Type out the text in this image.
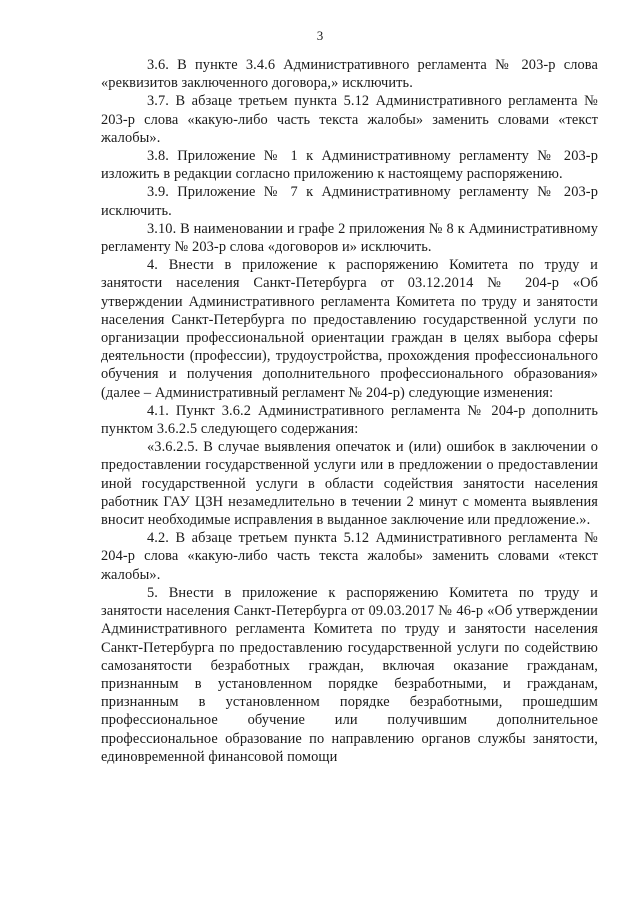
3

3.6. В пункте 3.4.6 Административного регламента № 203-р слова «реквизитов заключенного договора,» исключить.

3.7. В абзаце третьем пункта 5.12 Административного регламента № 203-р слова «какую-либо часть текста жалобы» заменить словами «текст жалобы».

3.8. Приложение № 1 к Административному регламенту № 203-р изложить в редакции согласно приложению к настоящему распоряжению.

3.9. Приложение № 7 к Административному регламенту № 203-р исключить.

3.10. В наименовании и графе 2 приложения № 8 к Административному регламенту № 203-р слова «договоров и» исключить.

4. Внести в приложение к распоряжению Комитета по труду и занятости населения Санкт-Петербурга от 03.12.2014 № 204-р «Об утверждении Административного регламента Комитета по труду и занятости населения Санкт-Петербурга по предоставлению государственной услуги по организации профессиональной ориентации граждан в целях выбора сферы деятельности (профессии), трудоустройства, прохождения профессионального обучения и получения дополнительного профессионального образования» (далее – Административный регламент № 204-р) следующие изменения:

4.1. Пункт 3.6.2 Административного регламента № 204-р дополнить пунктом 3.6.2.5 следующего содержания:

«3.6.2.5. В случае выявления опечаток и (или) ошибок в заключении о предоставлении государственной услуги или в предложении о предоставлении иной государственной услуги в области содействия занятости населения работник ГАУ ЦЗН незамедлительно в течении 2 минут с момента выявления вносит необходимые исправления в выданное заключение или предложение.».

4.2. В абзаце третьем пункта 5.12 Административного регламента № 204-р слова «какую-либо часть текста жалобы» заменить словами «текст жалобы».

5. Внести в приложение к распоряжению Комитета по труду и занятости населения Санкт-Петербурга от 09.03.2017 № 46-р «Об утверждении Административного регламента Комитета по труду и занятости населения Санкт-Петербурга по предоставлению государственной услуги по содействию самозанятости безработных граждан, включая оказание гражданам, признанным в установленном порядке безработными, и гражданам, признанным в установленном порядке безработными, прошедшим профессиональное обучение или получившим дополнительное профессиональное образование по направлению органов службы занятости, единовременной финансовой помощи
